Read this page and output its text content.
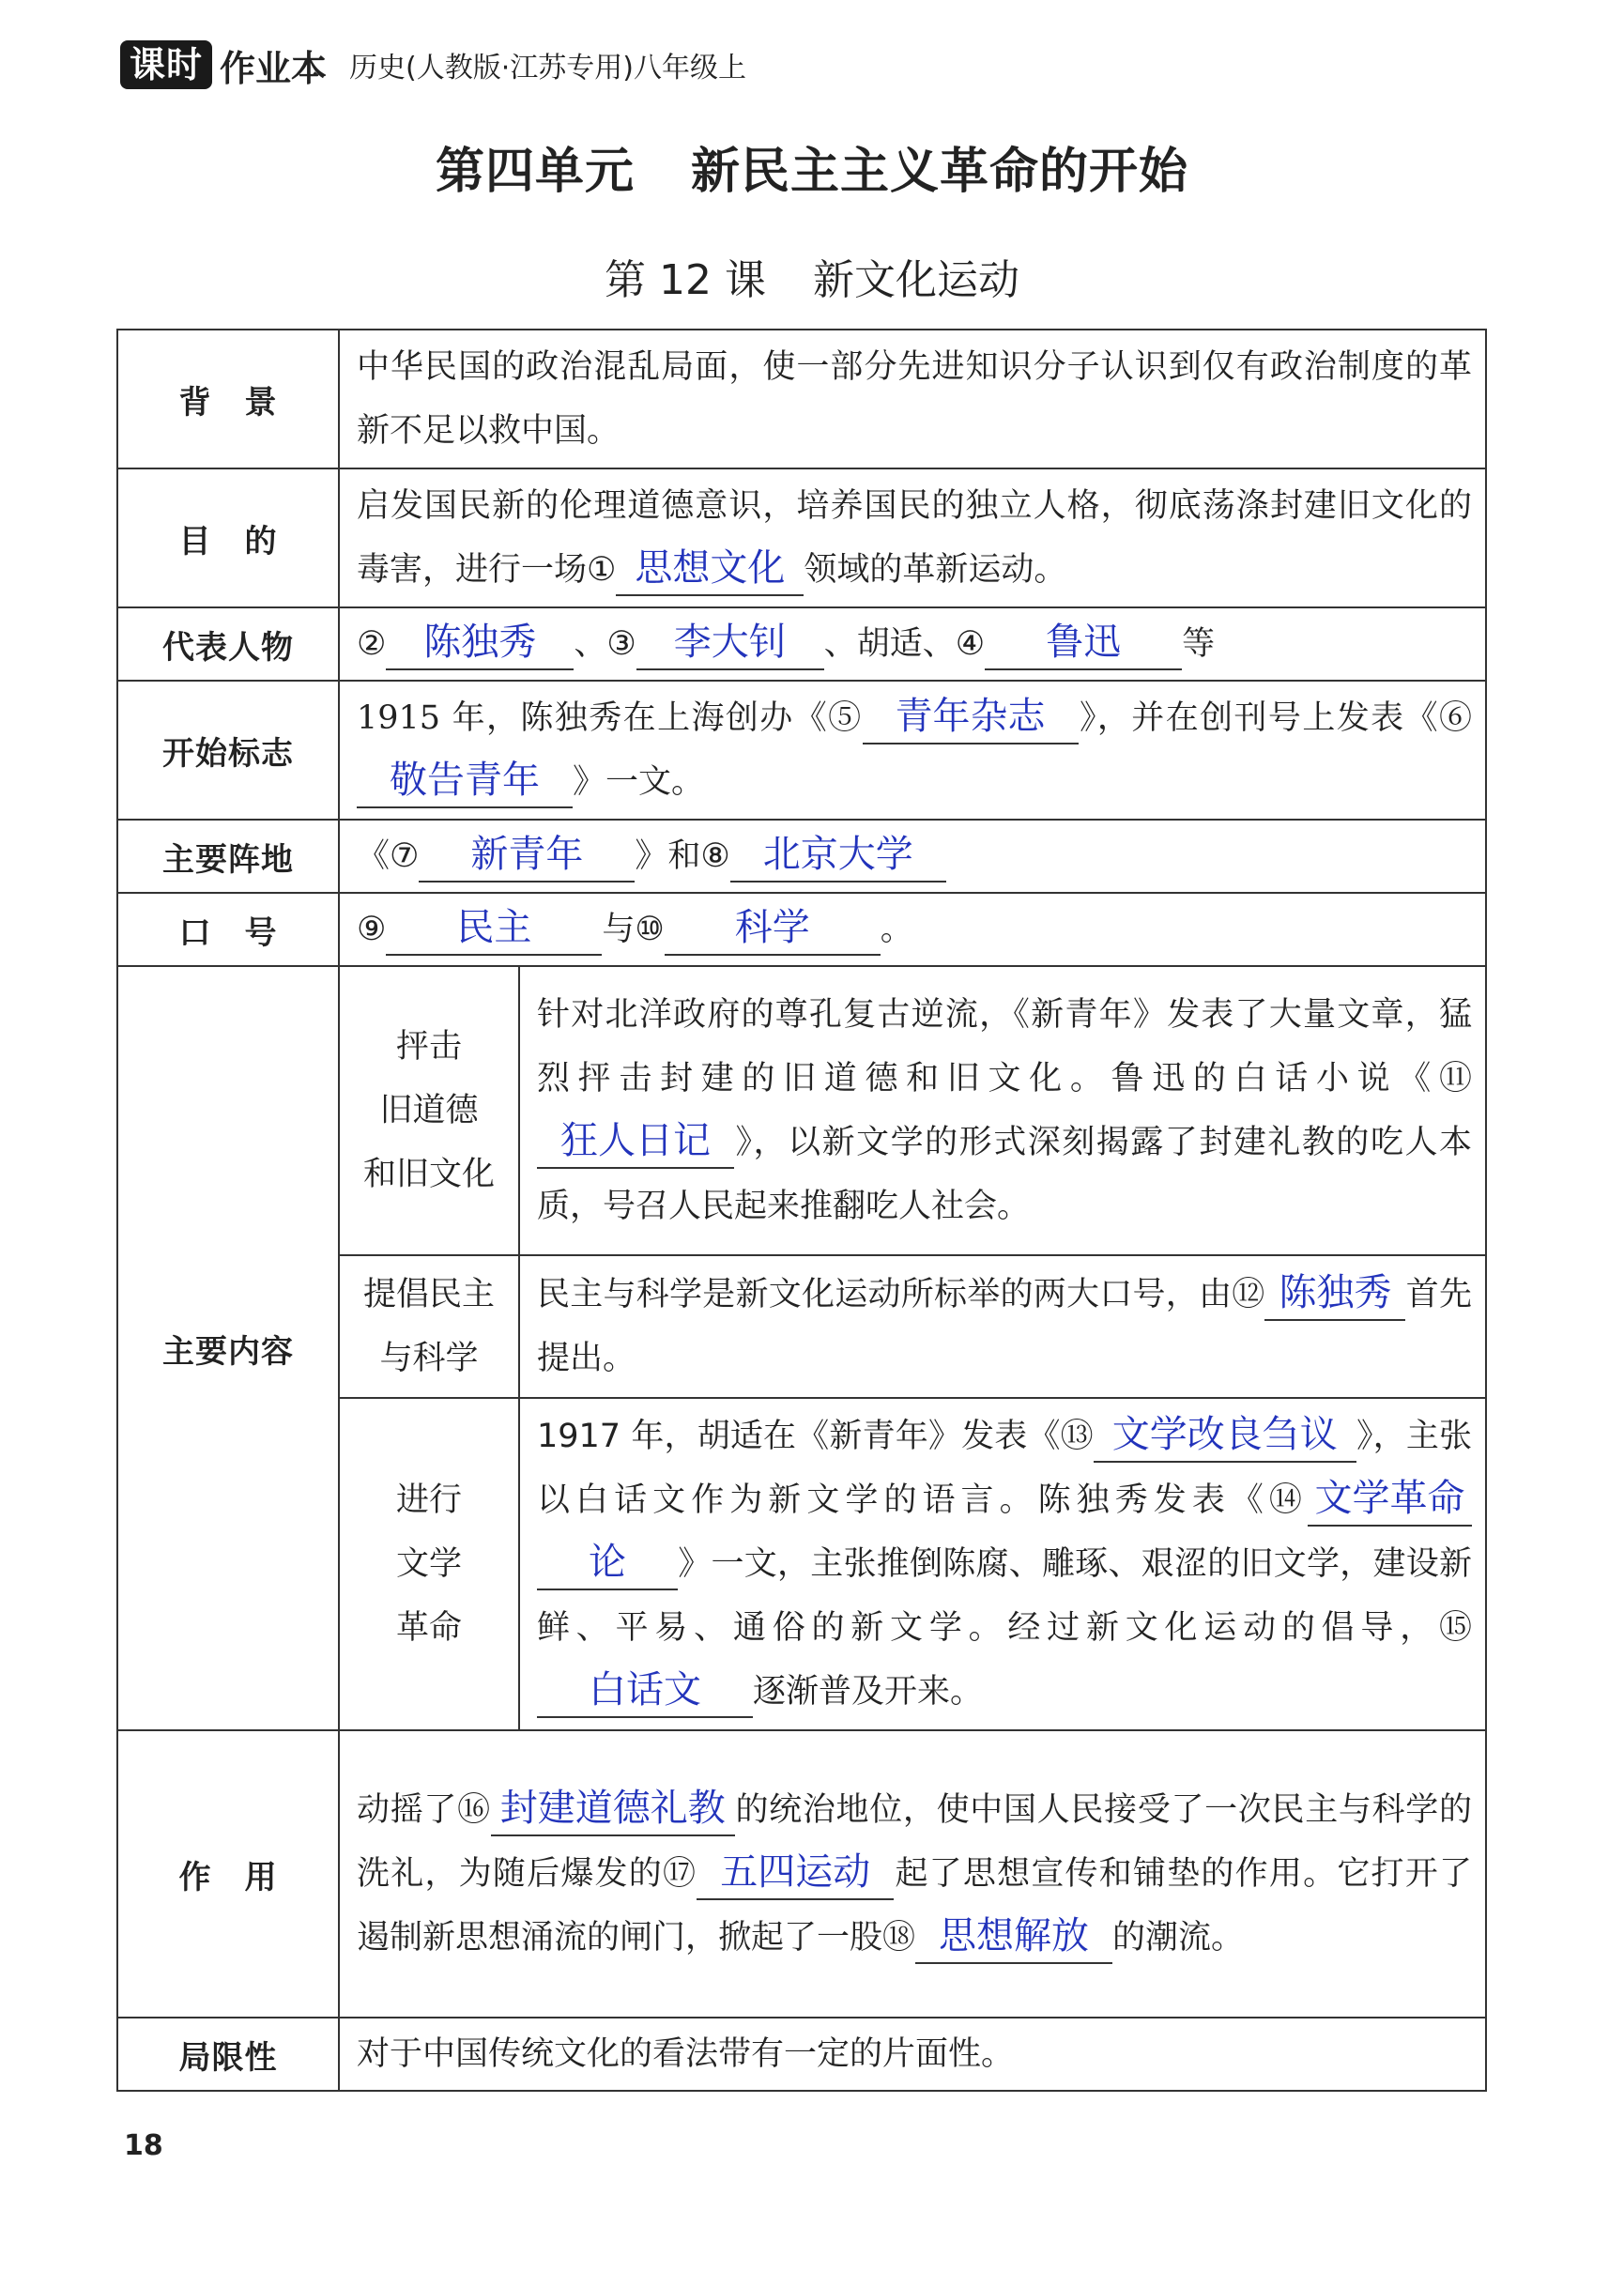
课时 作业本 历史(人教版·江苏专用)八年级上
第四单元 新民主主义革命的开始
第 12 课 新文化运动
背　景	中华民国的政治混乱局面，使一部分先进知识分子认识到仅有政治制度的革新不足以救中国。	
目　的	启发国民新的伦理道德意识，培养国民的独立人格，彻底荡涤封建旧文化的毒害，进行一场① 思想文化 领域的革新运动。	
代表人物	② 陈独秀 、③ 李大钊 、胡适、④ 鲁迅 等	
开始标志	1915 年，陈独秀在上海创办《⑤ 青年杂志 》，并在创刊号上发表《⑥敬告青年 》一文。	
主要阵地	《⑦ 新青年 》和⑧ 北京大学	
口　号	⑨ 民主 与⑩ 科学 。	
主要内容	抨击
旧道德
和旧文化	针对北洋政府的尊孔复古逆流，《新青年》发表了大量文章，猛烈抨击封建的旧道德和旧文化。鲁迅的白话小说《⑪狂人日记 》，以新文学的形式深刻揭露了封建礼教的吃人本质，号召人民起来推翻吃人社会。

	提倡民主
与科学	民主与科学是新文化运动所标举的两大口号，由⑫ 陈独秀 首先提出。

	进行
文学
革命	1917 年，胡适在《新青年》发表《⑬ 文学改良刍议 》，主张以白话文作为新文学的语言。陈独秀发表《⑭ 文学革命论 》一文，主张推倒陈腐、雕琢、艰涩的旧文学，建设新鲜、平易、通俗的新文学。经过新文化运动的倡导，⑮白话文 逐渐普及开来。
作　用	动摇了⑯ 封建道德礼教 的统治地位，使中国人民接受了一次民主与科学的洗礼，为随后爆发的⑰ 五四运动 起了思想宣传和铺垫的作用。它打开了遏制新思想涌流的闸门，掀起了一股⑱ 思想解放 的潮流。	
局限性	对于中国传统文化的看法带有一定的片面性。	
18
